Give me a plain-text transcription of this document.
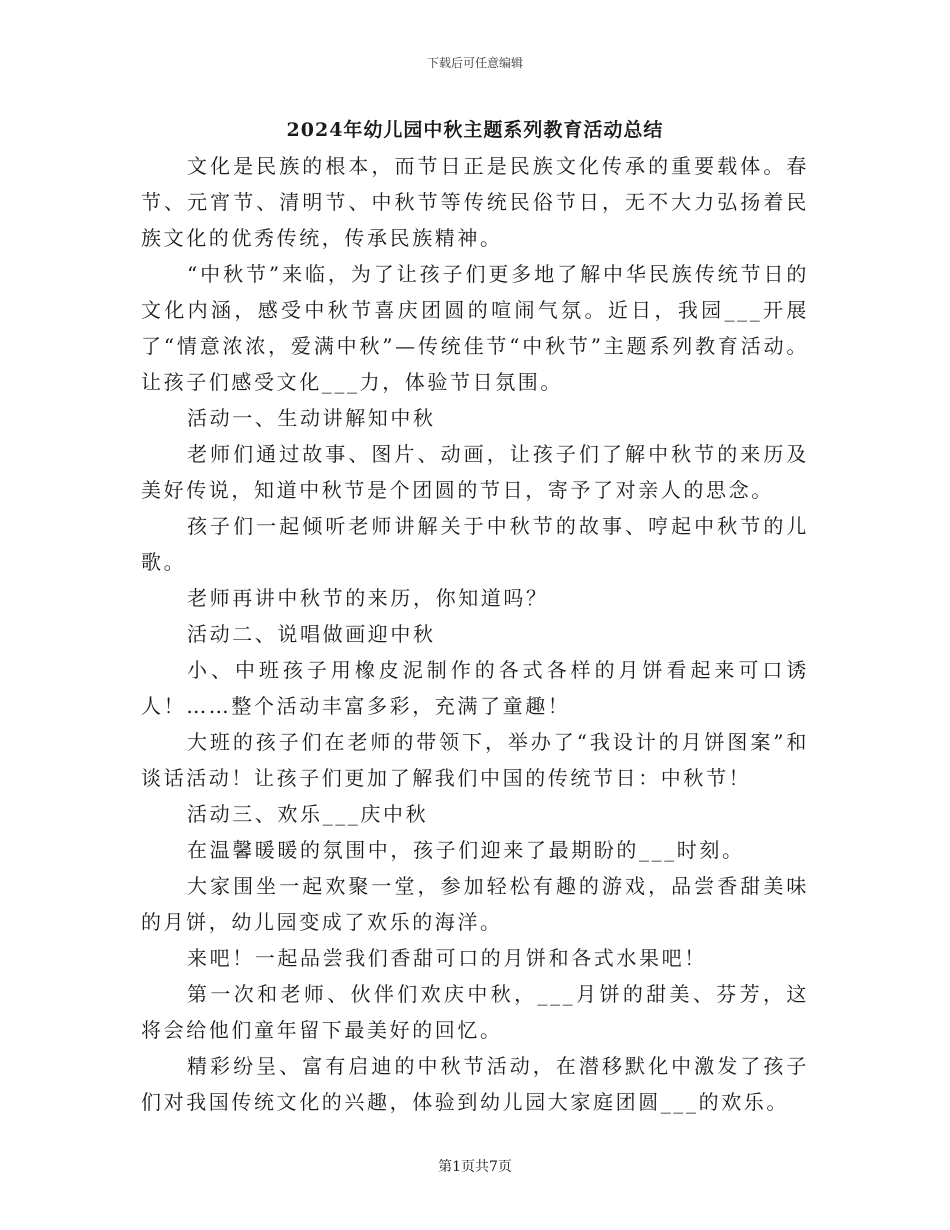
下载后可任意编辑
2024年幼儿园中秋主题系列教育活动总结

文化是民族的根本，而节日正是民族文化传承的重要载体。春节、元宵节、清明节、中秋节等传统民俗节日，无不大力弘扬着民族文化的优秀传统，传承民族精神。

“中秋节”来临，为了让孩子们更多地了解中华民族传统节日的文化内涵，感受中秋节喜庆团圆的喧闹气氛。近日，我园___开展了“情意浓浓，爱满中秋”—传统佳节“中秋节”主题系列教育活动。让孩子们感受文化___力，体验节日氛围。

活动一、生动讲解知中秋

老师们通过故事、图片、动画，让孩子们了解中秋节的来历及美好传说，知道中秋节是个团圆的节日，寄予了对亲人的思念。

孩子们一起倾听老师讲解关于中秋节的故事、哼起中秋节的儿歌。

老师再讲中秋节的来历，你知道吗？

活动二、说唱做画迎中秋

小、中班孩子用橡皮泥制作的各式各样的月饼看起来可口诱人！……整个活动丰富多彩，充满了童趣！

大班的孩子们在老师的带领下，举办了“我设计的月饼图案”和谈话活动！让孩子们更加了解我们中国的传统节日：中秋节！

活动三、欢乐___庆中秋

在温馨暖暖的氛围中，孩子们迎来了最期盼的___时刻。

大家围坐一起欢聚一堂，参加轻松有趣的游戏，品尝香甜美味的月饼，幼儿园变成了欢乐的海洋。

来吧！一起品尝我们香甜可口的月饼和各式水果吧！

第一次和老师、伙伴们欢庆中秋，___月饼的甜美、芬芳，这将会给他们童年留下最美好的回忆。

精彩纷呈、富有启迪的中秋节活动，在潜移默化中激发了孩子们对我国传统文化的兴趣，体验到幼儿园大家庭团圆___的欢乐。

第1页共7页
